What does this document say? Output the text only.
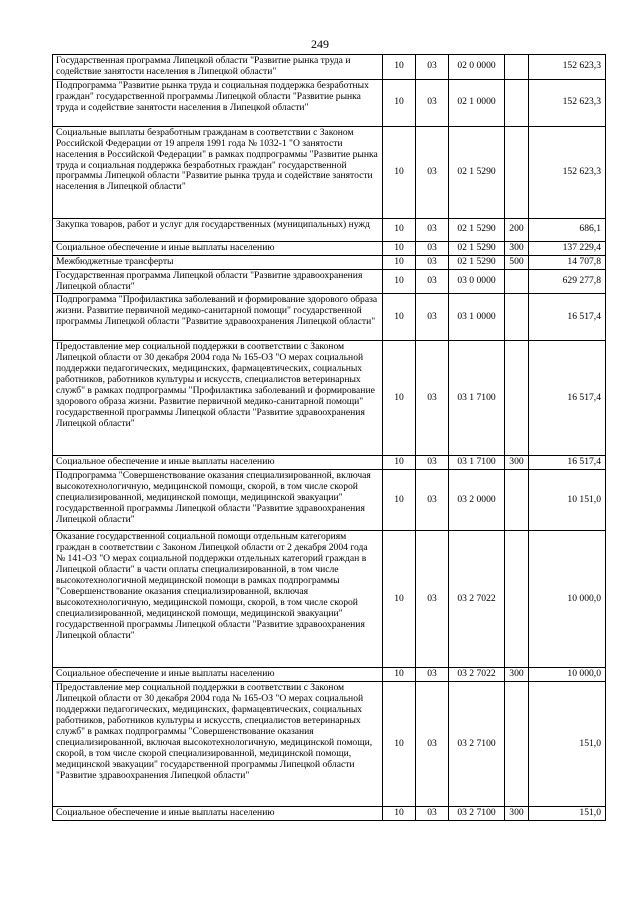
249
Государственная программа Липецкой области "Развитие рынка труда и содействие занятости населения в Липецкой области"	10	03	02 0 0000		152 623,3
Подпрограмма "Развитие рынка труда и социальная поддержка безработных граждан" государственной программы Липецкой области "Развитие рынка труда и содействие занятости населения в Липецкой области"	10	03	02 1 0000		152 623,3
Социальные выплаты безработным гражданам в соответствии с Законом Российской Федерации от 19 апреля 1991 года № 1032-1 "О занятости населения в Российской Федерации" в рамках подпрограммы "Развитие рынка труда и социальная поддержка безработных граждан" государственной программы Липецкой области "Развитие рынка труда и содействие занятости населения в Липецкой области"	10	03	02 1 5290		152 623,3
Закупка товаров, работ и услуг для государственных (муниципальных) нужд	10	03	02 1 5290	200	686,1
Социальное обеспечение и иные выплаты населению	10	03	02 1 5290	300	137 229,4
Межбюджетные трансферты	10	03	02 1 5290	500	14 707,8
Государственная программа Липецкой области "Развитие здравоохранения Липецкой области"	10	03	03 0 0000		629 277,8
Подпрограмма "Профилактика заболеваний и формирование здорового образа жизни. Развитие первичной медико-санитарной помощи" государственной программы Липецкой области "Развитие здравоохранения Липецкой области"	10	03	03 1 0000		16 517,4
Предоставление мер социальной поддержки в соответствии с Законом Липецкой области от 30 декабря 2004 года № 165-ОЗ "О мерах социальной поддержки педагогических, медицинских, фармацевтических, социальных работников, работников культуры и искусств, специалистов ветеринарных служб" в рамках подпрограммы "Профилактика заболеваний и формирование здорового образа жизни. Развитие первичной медико-санитарной помощи" государственной программы Липецкой области "Развитие здравоохранения Липецкой области"	10	03	03 1 7100		16 517,4
Социальное обеспечение и иные выплаты населению	10	03	03 1 7100	300	16 517,4
Подпрограмма "Совершенствование оказания специализированной, включая высокотехнологичную, медицинской помощи, скорой, в том числе скорой специализированной, медицинской помощи, медицинской эвакуации" государственной программы Липецкой области "Развитие здравоохранения Липецкой области"	10	03	03 2 0000		10 151,0
Оказание государственной социальной помощи отдельным категориям граждан в соответствии с Законом Липецкой области от 2 декабря 2004 года № 141-ОЗ "О мерах социальной поддержки отдельных категорий граждан в Липецкой области" в части оплаты специализированной, в том числе высокотехнологичной медицинской помощи в рамках подпрограммы "Совершенствование оказания специализированной, включая высокотехнологичную, медицинской помощи, скорой, в том числе скорой специализированной, медицинской помощи, медицинской эвакуации" государственной программы Липецкой области "Развитие здравоохранения Липецкой области"	10	03	03 2 7022		10 000,0
Социальное обеспечение и иные выплаты населению	10	03	03 2 7022	300	10 000,0
Предоставление мер социальной поддержки в соответствии с Законом Липецкой области от 30 декабря 2004 года № 165-ОЗ "О мерах социальной поддержки педагогических, медицинских, фармацевтических, социальных работников, работников культуры и искусств, специалистов ветеринарных служб" в рамках подпрограммы "Совершенствование оказания специализированной, включая высокотехнологичную, медицинской помощи, скорой, в том числе скорой специализированной, медицинской помощи, медицинской эвакуации" государственной программы Липецкой области "Развитие здравоохранения Липецкой области"	10	03	03 2 7100		151,0
Социальное обеспечение и иные выплаты населению	10	03	03 2 7100	300	151,0
